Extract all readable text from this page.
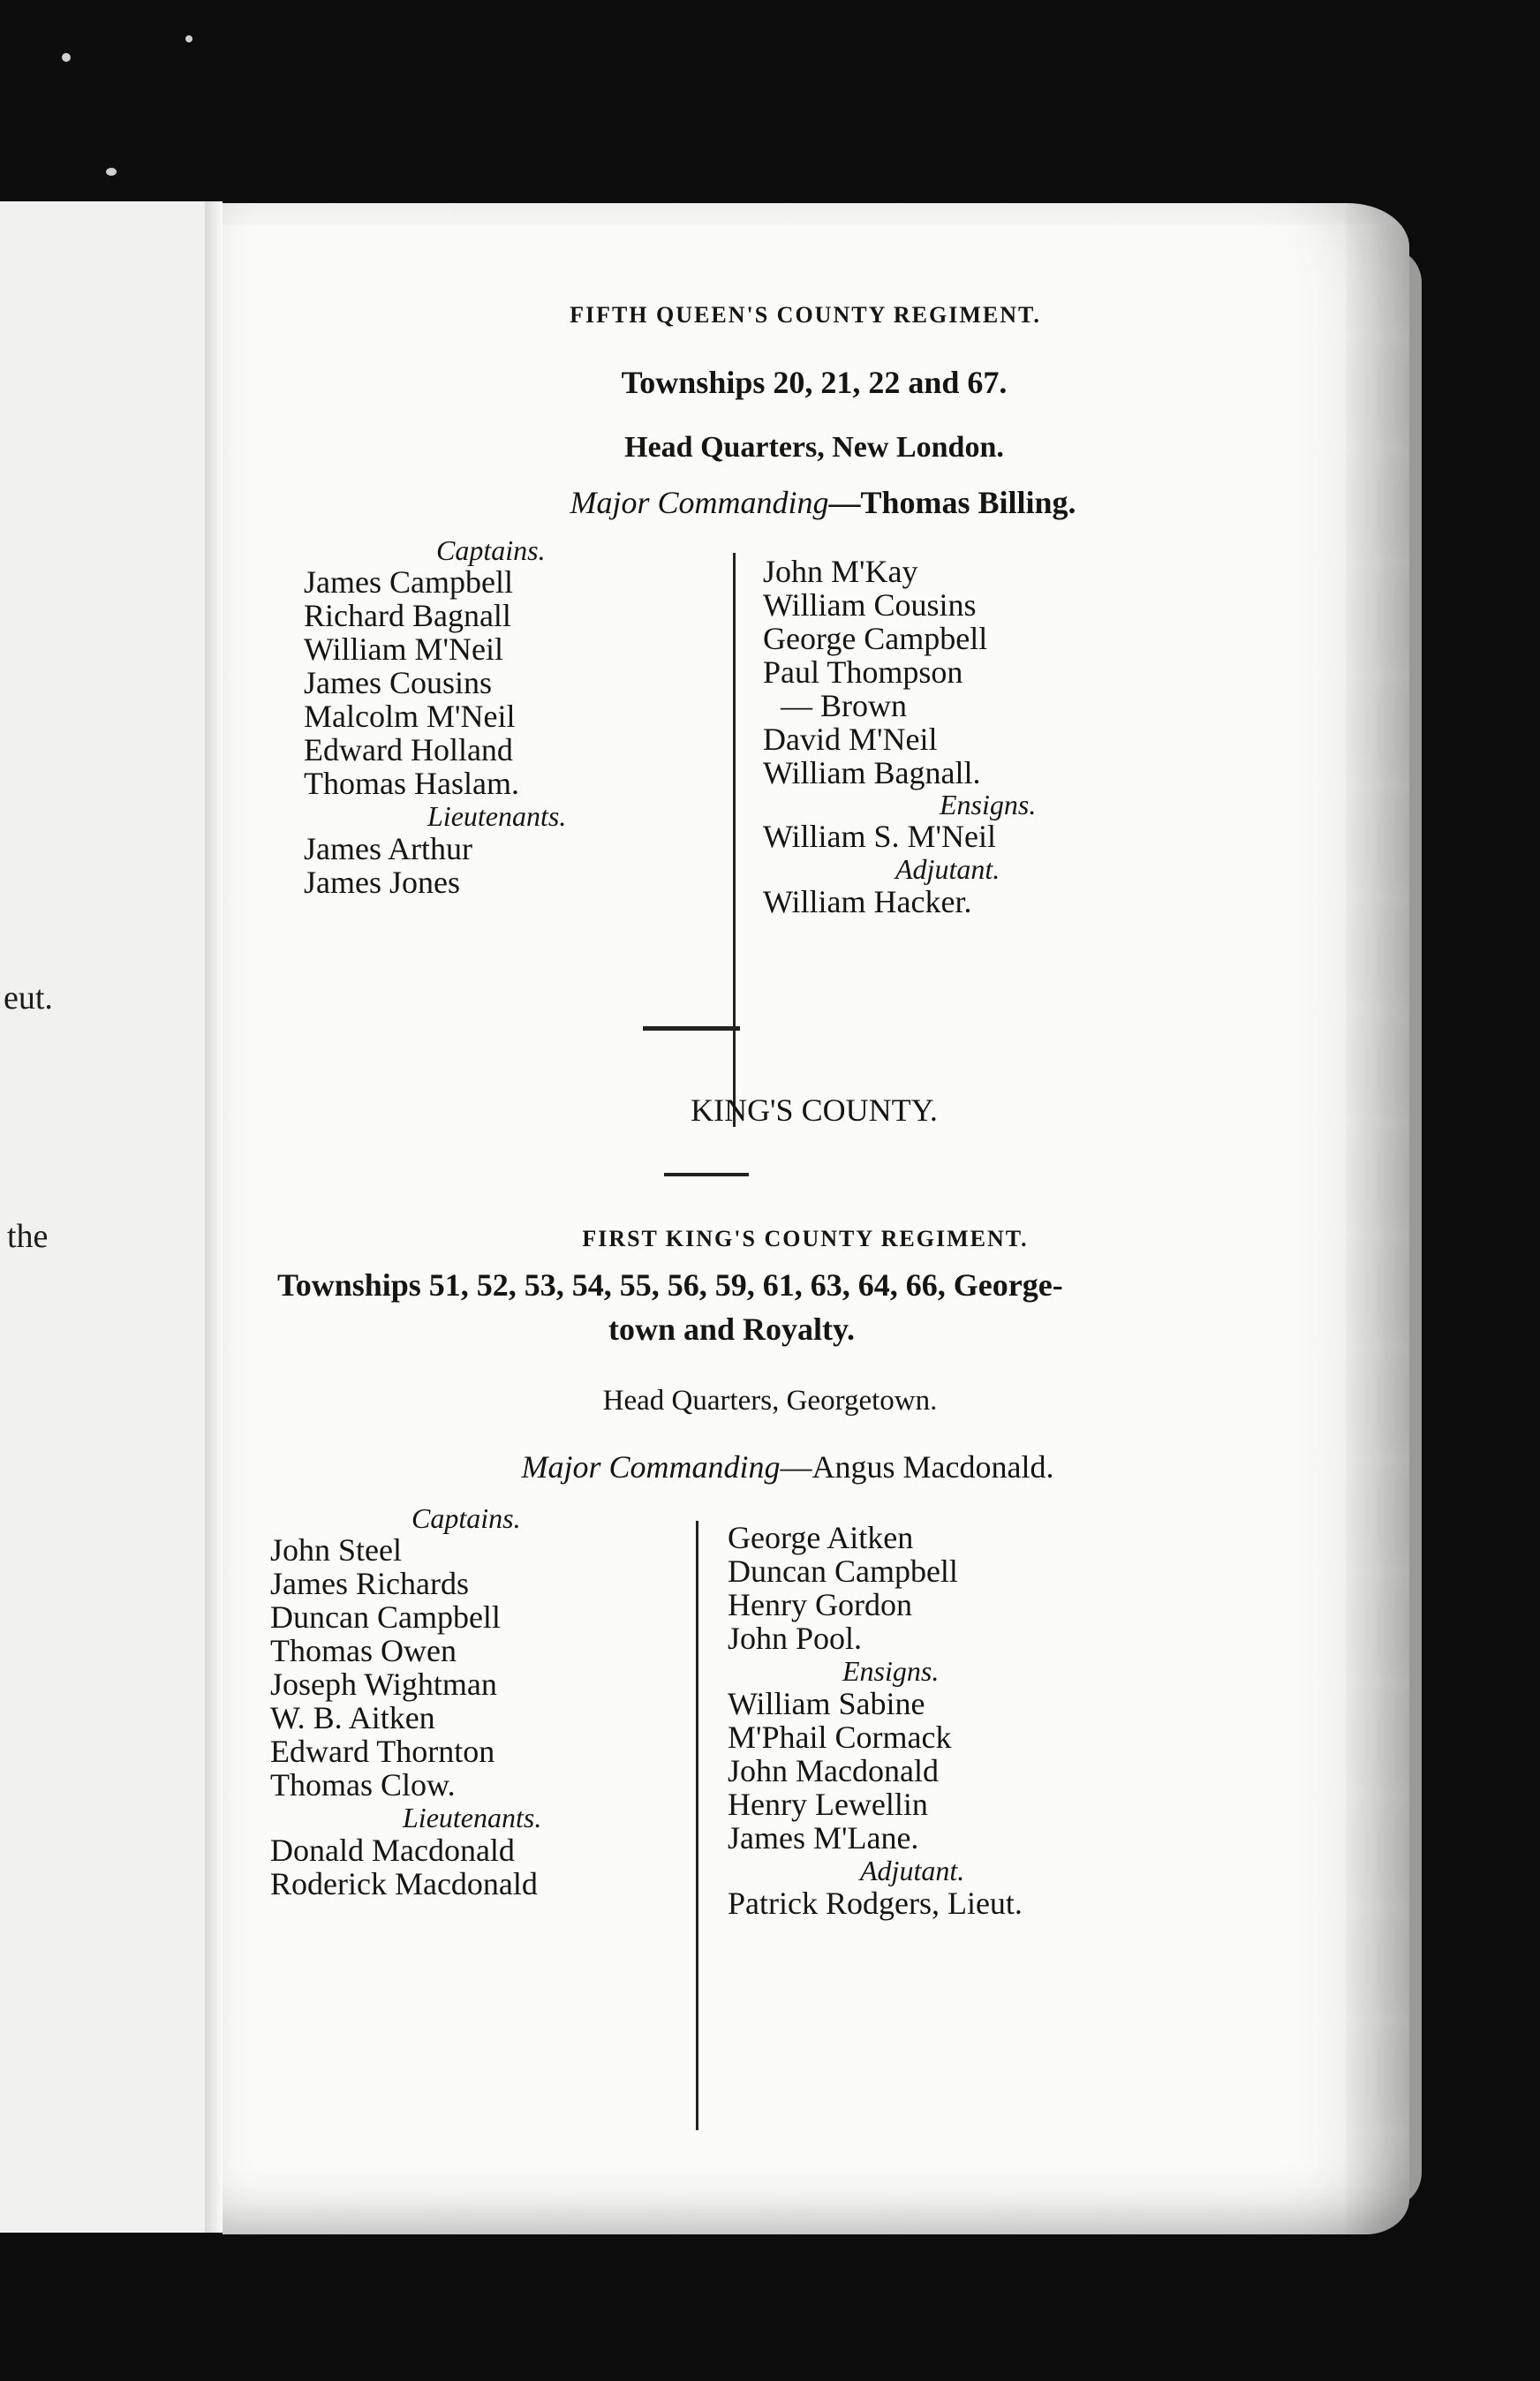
eut.
the
FIFTH QUEEN'S COUNTY REGIMENT.
Townships 20, 21, 22 and 67.
Head Quarters, New London.
Major Commanding—Thomas Billing.
Captains.
James Campbell
Richard Bagnall
William M'Neil
James Cousins
Malcolm M'Neil
Edward Holland
Thomas Haslam.
Lieutenants.
James Arthur
James Jones
John M'Kay
William Cousins
George Campbell
Paul Thompson
— Brown
David M'Neil
William Bagnall.
Ensigns.
William S. M'Neil
Adjutant.
William Hacker.
KING'S COUNTY.
FIRST KING'S COUNTY REGIMENT.
Townships 51, 52, 53, 54, 55, 56, 59, 61, 63, 64, 66, George-
town and Royalty.
Head Quarters, Georgetown.
Major Commanding—Angus Macdonald.
Captains.
John Steel
James Richards
Duncan Campbell
Thomas Owen
Joseph Wightman
W. B. Aitken
Edward Thornton
Thomas Clow.
Lieutenants.
Donald Macdonald
Roderick Macdonald
George Aitken
Duncan Campbell
Henry Gordon
John Pool.
Ensigns.
William Sabine
M'Phail Cormack
John Macdonald
Henry Lewellin
James M'Lane.
Adjutant.
Patrick Rodgers, Lieut.
